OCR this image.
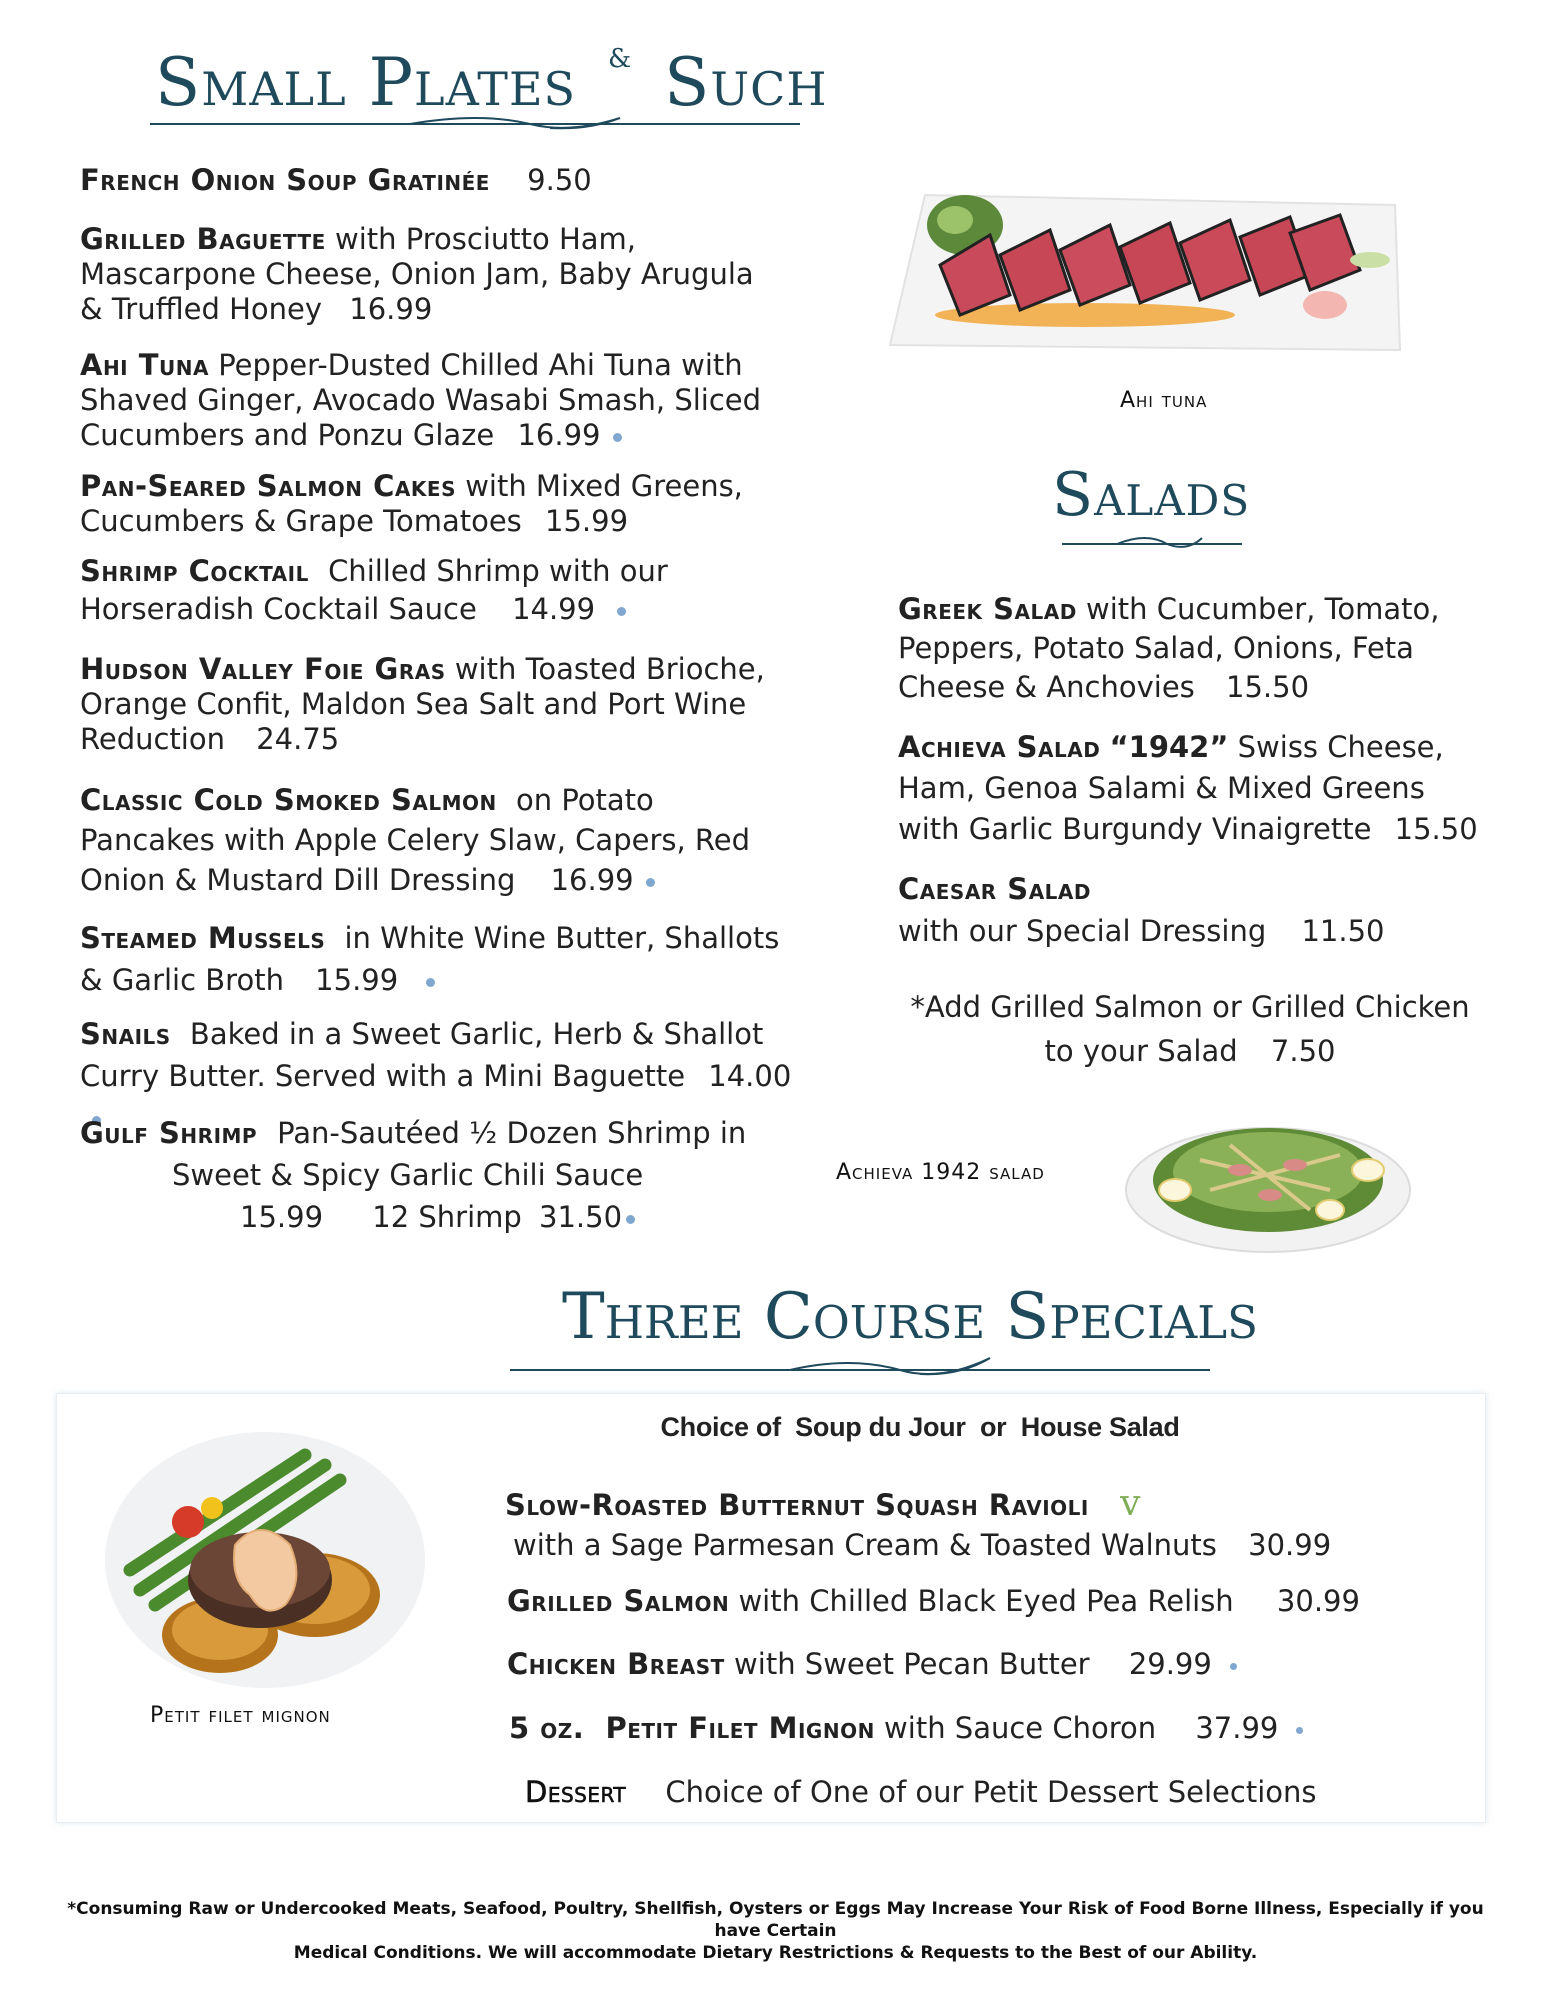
Small Plates & Such
French Onion Soup Gratinée 9.50
Grilled Baguette with Prosciutto Ham, Mascarpone Cheese, Onion Jam, Baby Arugula & Truffled Honey 16.99
Ahi Tuna Pepper-Dusted Chilled Ahi Tuna with Shaved Ginger, Avocado Wasabi Smash, Sliced Cucumbers and Ponzu Glaze 16.99
Pan-Seared Salmon Cakes with Mixed Greens, Cucumbers & Grape Tomatoes 15.99
Shrimp Cocktail Chilled Shrimp with our Horseradish Cocktail Sauce 14.99
Hudson Valley Foie Gras with Toasted Brioche, Orange Confit, Maldon Sea Salt and Port Wine Reduction 24.75
Classic Cold Smoked Salmon on Potato Pancakes with Apple Celery Slaw, Capers, Red Onion & Mustard Dill Dressing 16.99
Steamed Mussels in White Wine Butter, Shallots & Garlic Broth 15.99
Snails Baked in a Sweet Garlic, Herb & Shallot Curry Butter. Served with a Mini Baguette 14.00
Gulf Shrimp Pan-Sautéed ½ Dozen Shrimp in
Sweet & Spicy Garlic Chili Sauce
15.99 12 Shrimp 31.50
Ahi tuna
Salads
Greek Salad with Cucumber, Tomato, Peppers, Potato Salad, Onions, Feta Cheese & Anchovies 15.50
Achieva Salad “1942” Swiss Cheese, Ham, Genoa Salami & Mixed Greens with Garlic Burgundy Vinaigrette 15.50
Caesar Salad
with our Special Dressing 11.50
*Add Grilled Salmon or Grilled Chicken
to your Salad 7.50
Achieva 1942 salad
Three Course Specials
Choice of  Soup du Jour  or  House Salad
Petit filet mignon
Slow-Roasted Butternut Squash Ravioli ⅴ
with a Sage Parmesan Cream & Toasted Walnuts 30.99
Grilled Salmon with Chilled Black Eyed Pea Relish 30.99
Chicken Breast with Sweet Pecan Butter 29.99
5 oz.  Petit Filet Mignon with Sauce Choron 37.99
Dessert Choice of One of our Petit Dessert Selections
*Consuming Raw or Undercooked Meats, Seafood, Poultry, Shellfish, Oysters or Eggs May Increase Your Risk of Food Borne Illness, Especially if you have Certain
Medical Conditions. We will accommodate Dietary Restrictions & Requests to the Best of our Ability.
